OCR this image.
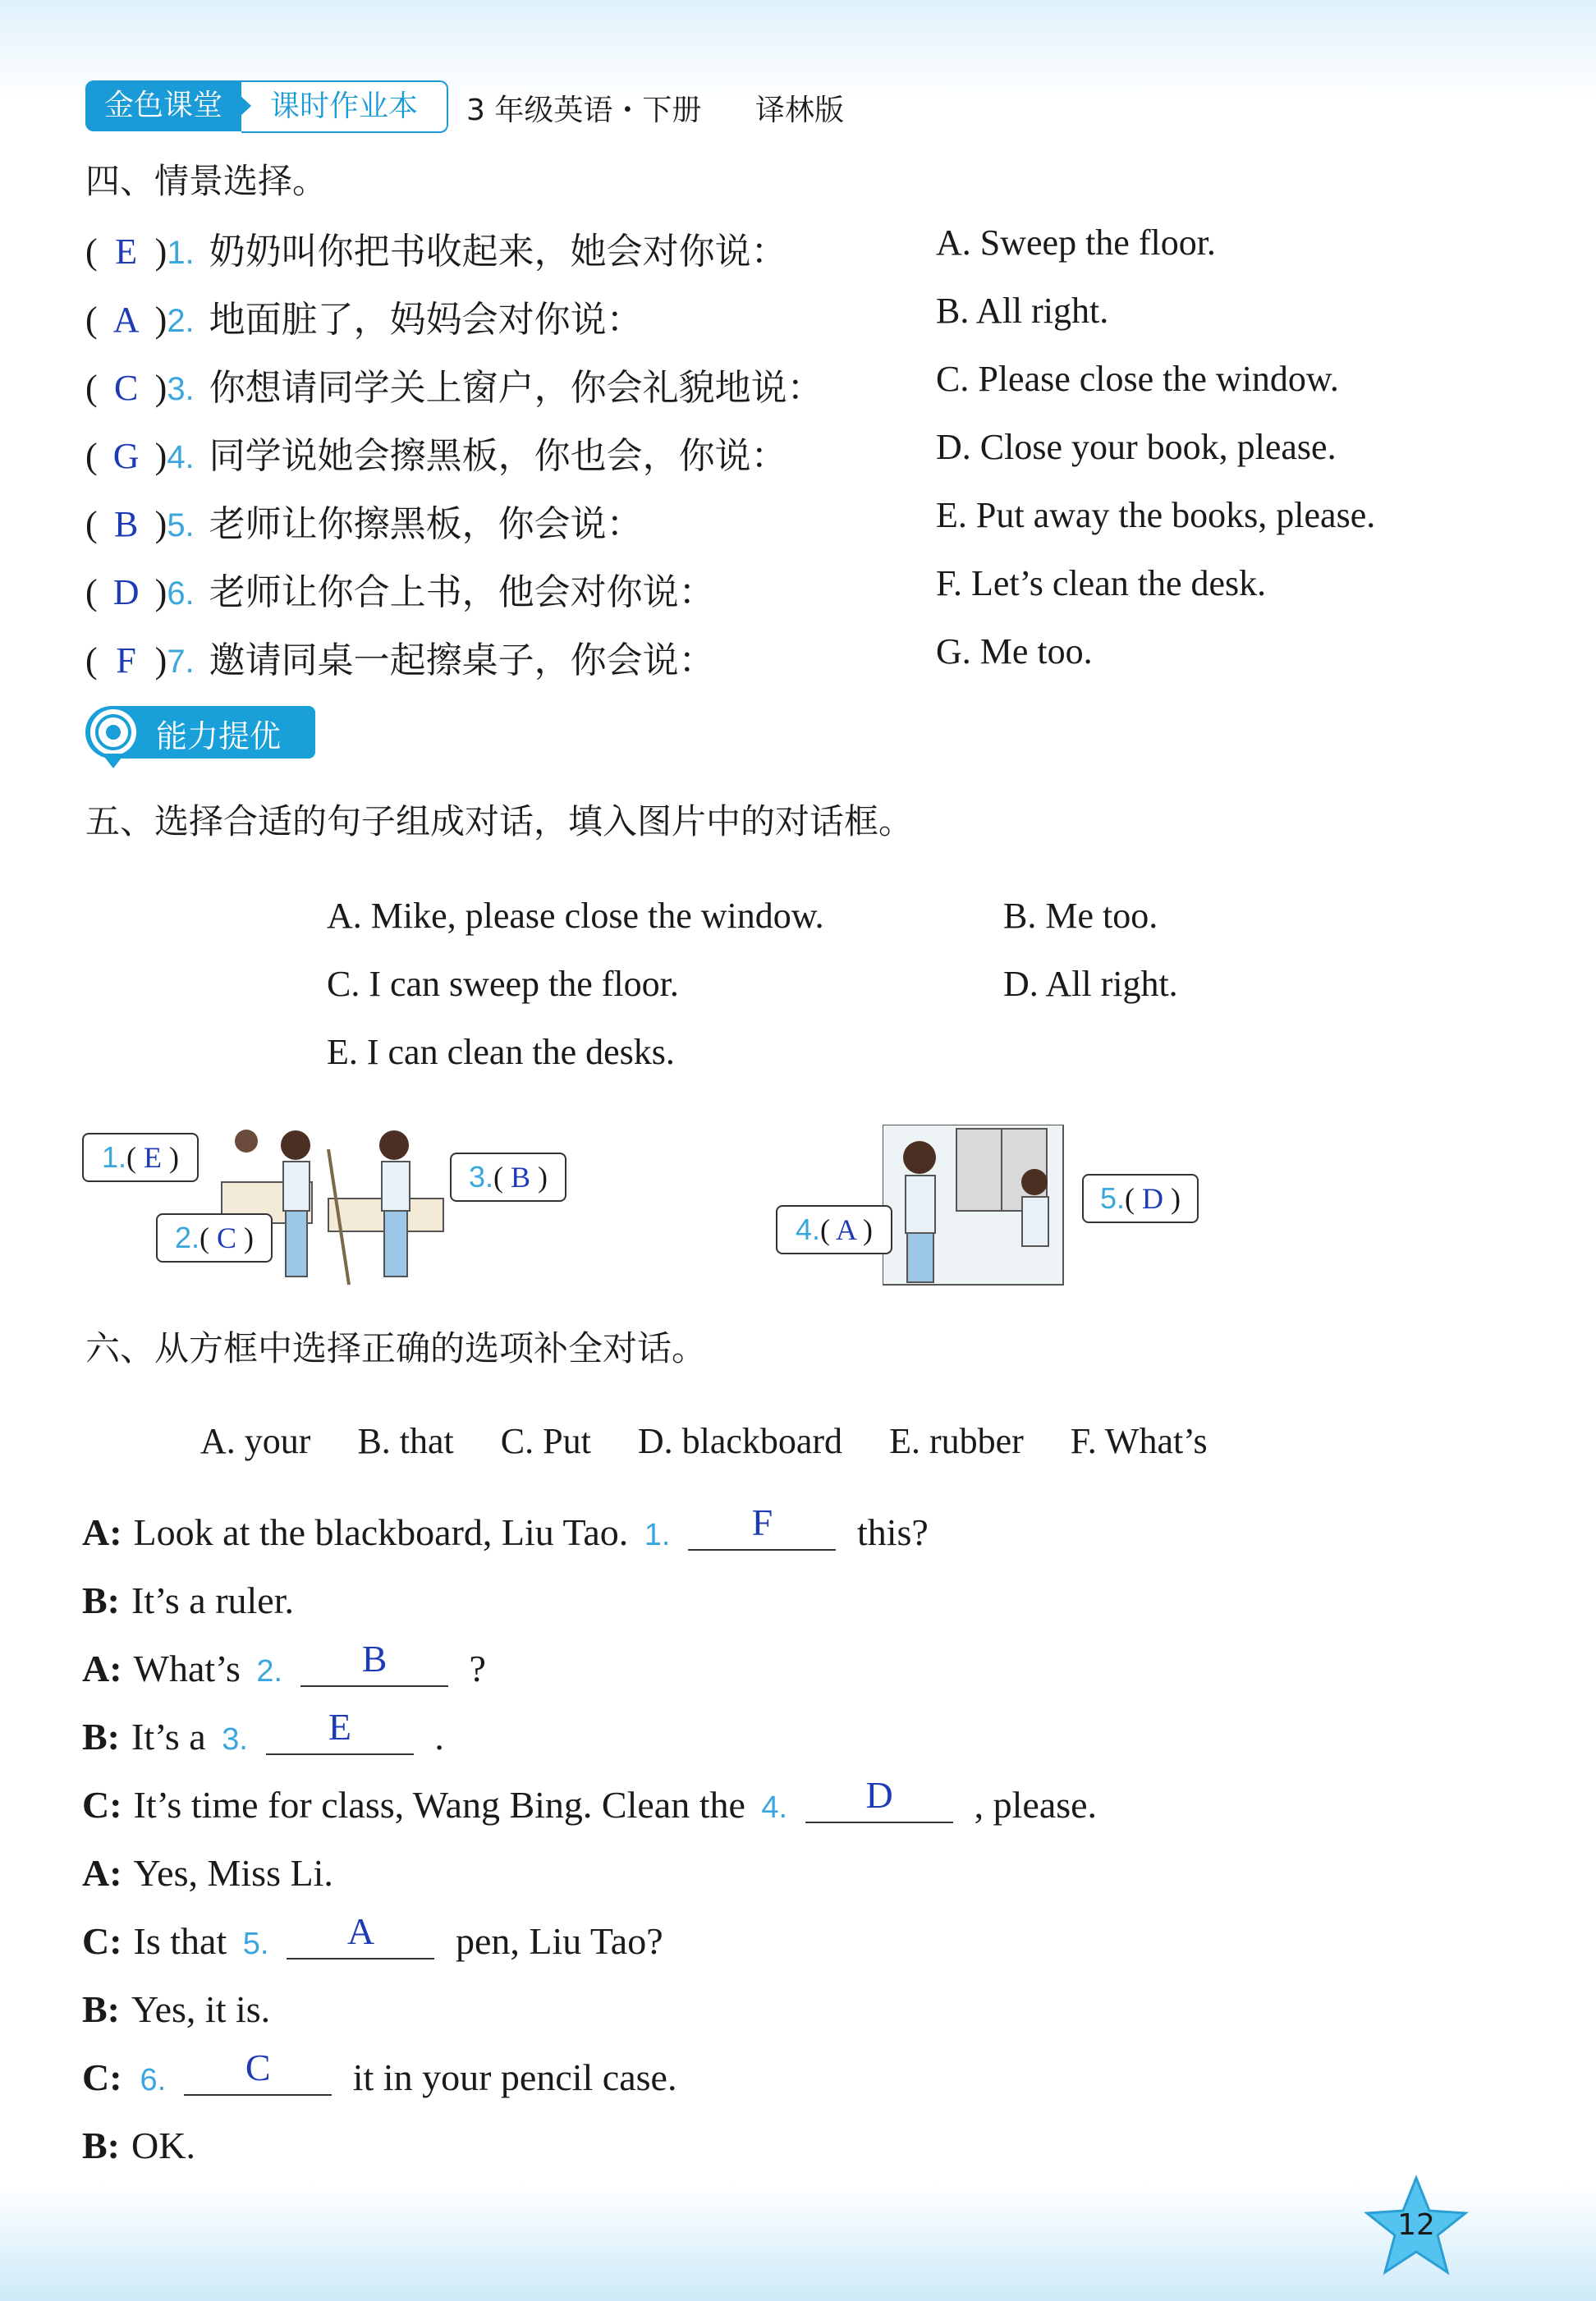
金色课堂	课时作业本	3 年级英语・下册 译林版
四、情景选择。
( E )1. 奶奶叫你把书收起来，她会对你说：
( A )2. 地面脏了，妈妈会对你说：
( C )3. 你想请同学关上窗户，你会礼貌地说：
( G )4. 同学说她会擦黑板，你也会，你说：
( B )5. 老师让你擦黑板，你会说：
( D )6. 老师让你合上书，他会对你说：
( F )7. 邀请同桌一起擦桌子，你会说：
A. Sweep the floor.
B. All right.
C. Please close the window.
D. Close your book, please.
E. Put away the books, please.
F. Let’s clean the desk.
G. Me too.
能力提优
五、选择合适的句子组成对话，填入图片中的对话框。
A. Mike, please close the window.	B. Me too.
C. I can sweep the floor.	D. All right.
E. I can clean the desks.
1.( E )
2.( C )
3.( B )
4.( A )
5.( D )
六、从方框中选择正确的选项补全对话。
A. your B. that C. Put D. blackboard E. rubber F. What’s
A: Look at the blackboard, Liu Tao. 1. F this?
B: It’s a ruler.
A: What’s 2. B ?
B: It’s a 3. E .
C: It’s time for class, Wang Bing. Clean the 4. D , please.
A: Yes, Miss Li.
C: Is that 5. A pen, Liu Tao?
B: Yes, it is.
C: 6. C it in your pencil case.
B: OK.
12
